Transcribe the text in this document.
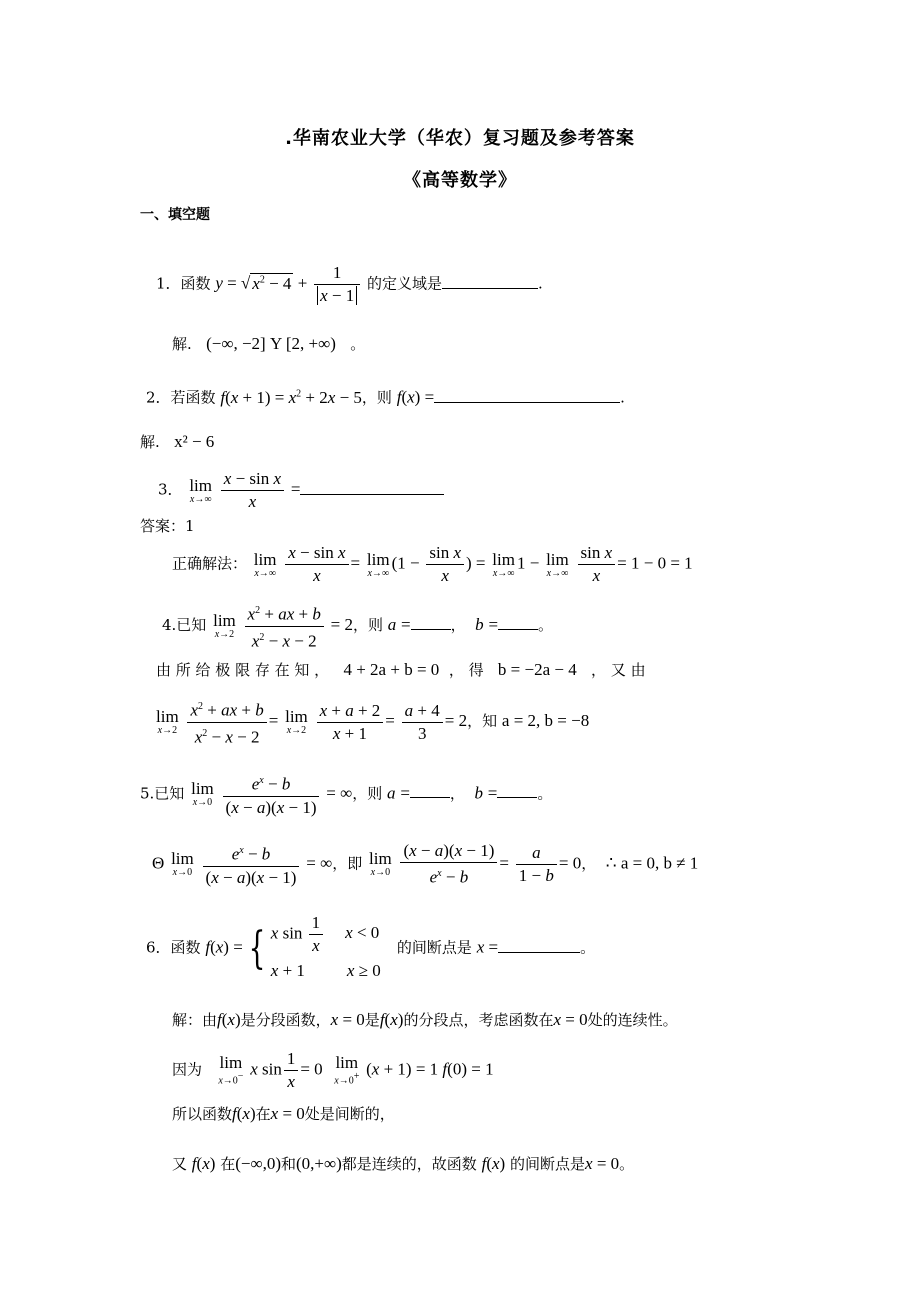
.华南农业大学（华农）复习题及参考答案
《高等数学》
一、填空题
1．函数 y = √ $x^2 - 4 + \frac{1}{x - 1}$ 的定义域是	.
解. (−∞, −2] Υ [2, +∞) 。
2．若函数 $f(x + 1) = x^2 + 2x - 5$，则 f(x) =	.
解. x² − 6
3． lim
x→∞
$\frac{\text{x − sin x}}{x}$ =
答案：1
正确解法： lim
x→∞
$\frac{\text{x − sin x}}{x} = \lim$
x→∞
($1 - \frac{\text{sin x}}{x}$ ) = lim
x→∞
1 − lim
x→∞
$\frac{\text{sin x}}{x} = 1 - 0 = 1$
4.已知 lim
x→2
$\frac{x^2 + ax + b}{x^2 - x - 2} = 2$，则 a =	，  b =	。
由 所 给 极 限 存 在 知 ， 4 + 2a + b = 0 ， 得 b = −2a − 4 ， 又 由
lim
x→2
$\frac{x^2 + ax + b}{x^2 - x - 2} = \lim$
x→2
$\frac{x + a + 2}{x + 1} = \frac{a + 4}{3} = 2$，知 a = 2, b = −8
5.已知 lim
x→0
$\frac{e^x - b}{(x - a)(x - 1)}$ = ∞，则 a =	，  b =	。
Θ lim
x→0
$\frac{e^x - b}{(x - a)(x - 1)}$ = ∞，即 lim
x→0
$\frac{(x - a)(x - 1)}{e^x - b} = \frac{a}{1 - b} = 0$，  ∴ a = 0, b ≠ 1
6．函数 f(x) = { x $\sin \frac{1}{x}$ x < 0
x + 1 x ≥ 0
的间断点是 x =	。
解：由f(x)是分段函数，x = 0是f(x)的分段点，考虑函数在x = 0处的连续性。
因为 lim
x→0− x $\sin \frac{1}{x} = 0$ lim
x→0+ (x + 1) = 1 f(0) = 1
所以函数f(x)在x = 0处是间断的，
又 f(x) 在(−∞,0)和(0,+∞)都是连续的，故函数 f(x) 的间断点是x = 0。
